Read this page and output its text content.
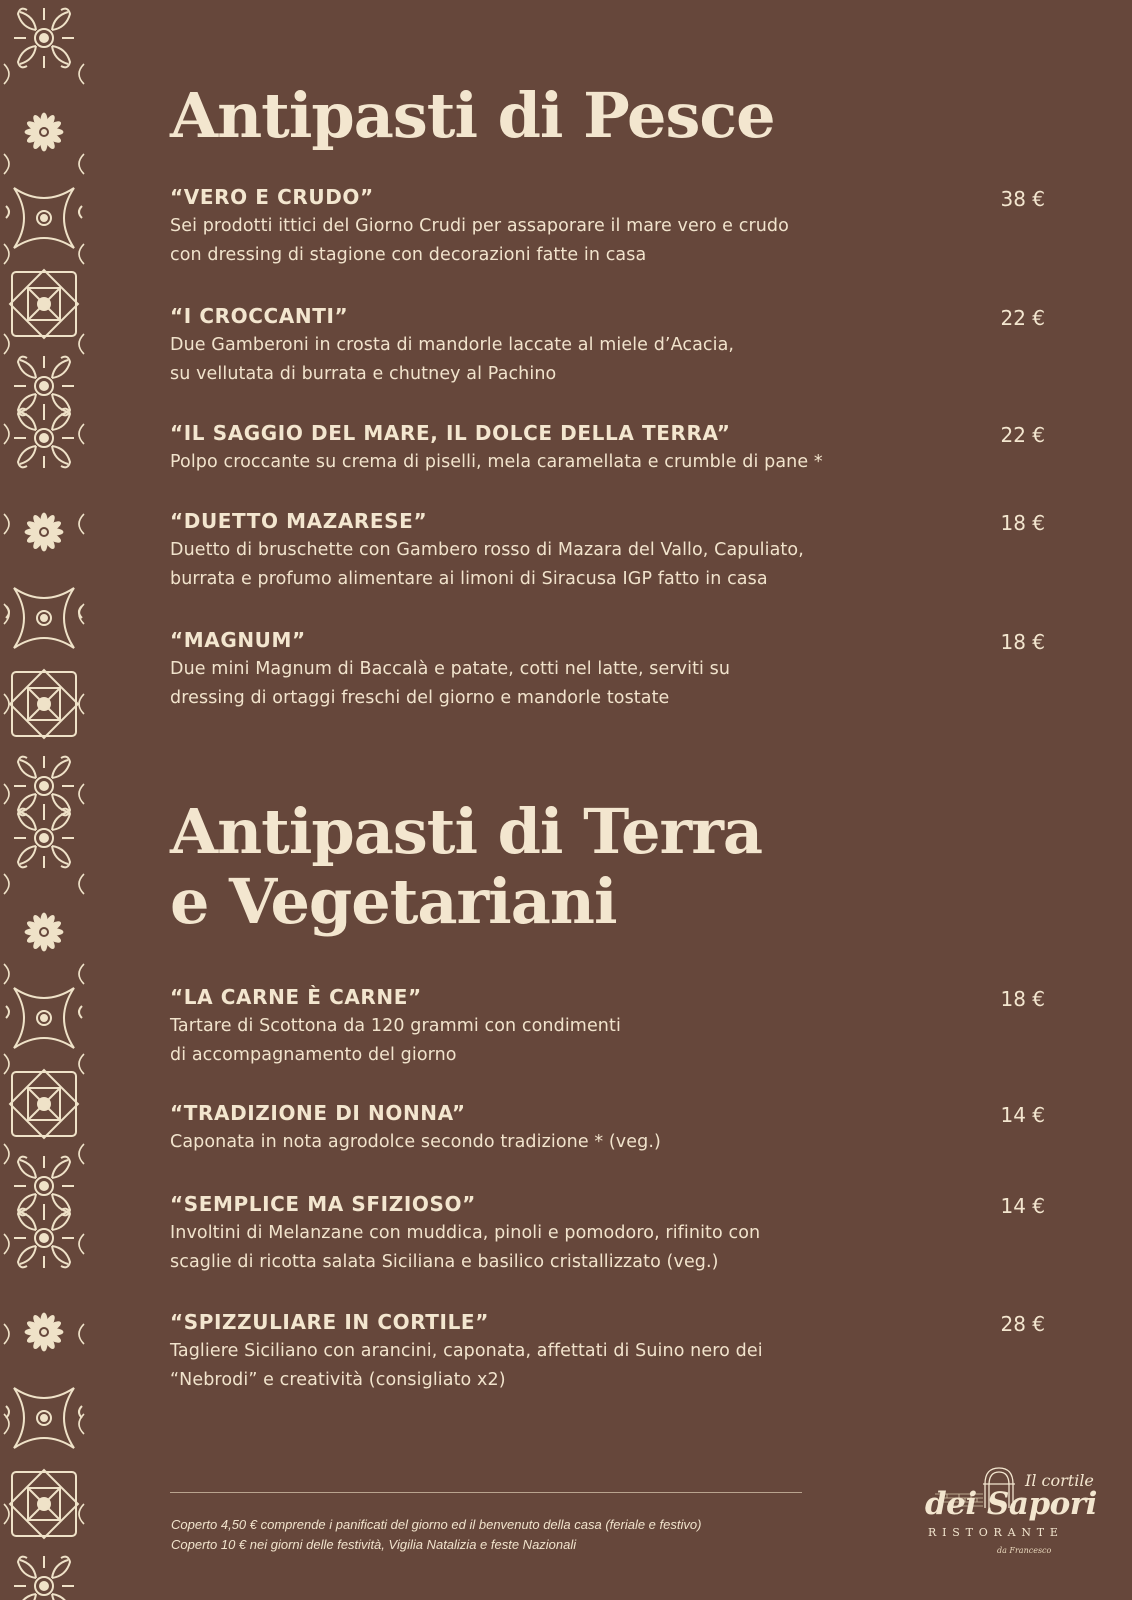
Antipasti di Pesce
“VERO E CRUDO”
Sei prodotti ittici del Giorno Crudi per assaporare il mare vero e crudo
con dressing di stagione con decorazioni fatte in casa
38 €
“I CROCCANTI”
Due Gamberoni in crosta di mandorle laccate al miele d’Acacia,
su vellutata di burrata e chutney al Pachino
22 €
“IL SAGGIO DEL MARE, IL DOLCE DELLA TERRA”
Polpo croccante su crema di piselli, mela caramellata e crumble di pane *
22 €
“DUETTO MAZARESE”
Duetto di bruschette con Gambero rosso di Mazara del Vallo, Capuliato,
burrata e profumo alimentare ai limoni di Siracusa IGP fatto in casa
18 €
“MAGNUM”
Due mini Magnum di Baccalà e patate, cotti nel latte, serviti su
dressing di ortaggi freschi del giorno e mandorle tostate
18 €
Antipasti di Terra
e Vegetariani
“LA CARNE È CARNE”
Tartare di Scottona da 120 grammi con condimenti
di accompagnamento del giorno
18 €
“TRADIZIONE DI NONNA”
Caponata in nota agrodolce secondo tradizione * (veg.)
14 €
“SEMPLICE MA SFIZIOSO”
Involtini di Melanzane con muddica, pinoli e pomodoro, rifinito con
scaglie di ricotta salata Siciliana e basilico cristallizzato (veg.)
14 €
“SPIZZULIARE IN CORTILE”
Tagliere Siciliano con arancini, caponata, affettati di Suino nero dei
“Nebrodi” e creatività (consigliato x2)
28 €
Coperto 4,50 € comprende i panificati del giorno ed il benvenuto della casa (feriale e festivo)
Coperto 10 € nei giorni delle festività, Vigilia Natalizia e feste Nazionali
Il cortile
dei Sapori
RISTORANTE
da Francesco
